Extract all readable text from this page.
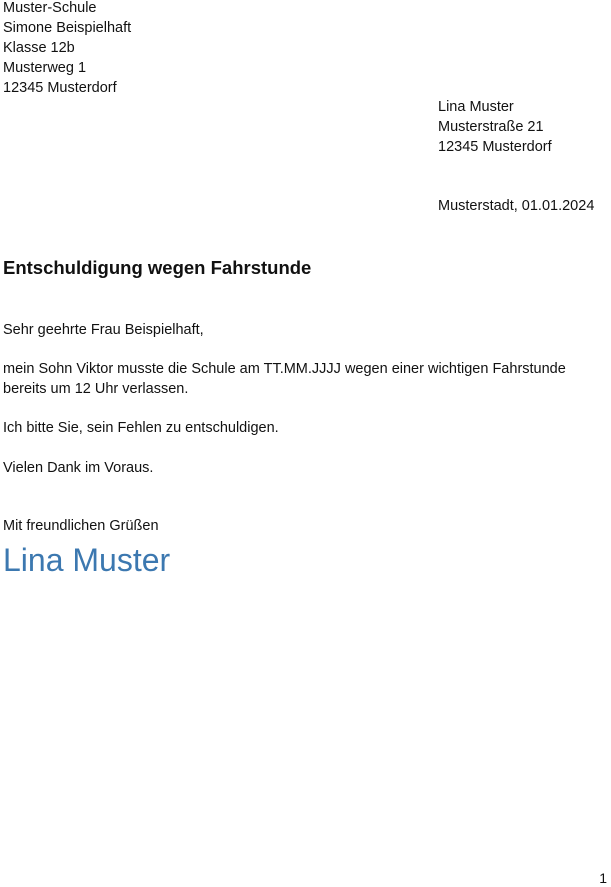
Muster-Schule
Simone Beispielhaft
Klasse 12b
Musterweg 1
12345 Musterdorf
Lina Muster
Musterstraße 21
12345 Musterdorf
Musterstadt, 01.01.2024
Entschuldigung wegen Fahrstunde
Sehr geehrte Frau Beispielhaft,
mein Sohn Viktor musste die Schule am TT.MM.JJJJ wegen einer wichtigen Fahrstunde
bereits um 12 Uhr verlassen.
Ich bitte Sie, sein Fehlen zu entschuldigen.
Vielen Dank im Voraus.
Mit freundlichen Grüßen
Lina Muster
1
